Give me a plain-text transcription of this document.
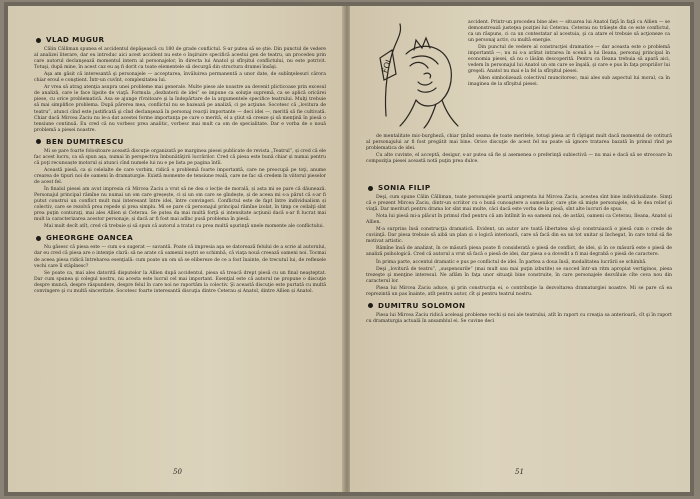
VLAD MUGUR

Călin Călliman spunea el accidentul depăşească cu 180 de grade conflictul. S-ar putea să se ştie. Din punctul de vedere al analizei literare, dar eu introduc aici acest accident nu este o înşiruire specifică acestui gen de teatru, un procedeu prin care autorul declanşează momentul intern al personajelor, în directa lui Anatol şi sfîrşitul conflictului, nu este potrivit. Totuşi, după mine, în acest caz eu aş fi dorit ca toate elementele să decurgă din structura dramei însăşi.

Aşa am găsit că interesantă şi personajele — acceptarea, învăluirea permanentă a unor date, de subînţelesuri cărora chiar eroul e conştient. Într-un cuvînt, complexitatea lui.

Ar vrea să atrag atenţia asupra unei probleme mai generale. Multe piese ale noastre au devenit plicticoase prin excesul de analiză, care le face lipsite de viaţă. Formula „dezbaterii de idei” se impune ca soluţie supremă, ca se aplică oricărei piese, cu orice problematică. Asa se ajunge rîvnitoare şi la îndepărtare de la argumentele specifice teatrului. Mulţi trebuie să mai simplifice problema. După părerea mea, conflictul nu se bazează pe analiză, ci pe acţiune. Socotesc că „lovitura de teatru”, atunci cînd este justificată şi cînd declanşează în personaj reacţii importante — deci idei —, merită să fie cultivată. Chiar dacă Mircea Zaciu nu le-a dat acestei forme importanţa pe care o merită, el a ştiut să creeze şi să menţină în piesă o tensiune continuă. Eu cred că nu vorbesc prea analitic, vorbesc mai mult ca om de specialitate. Dar e vorba de o nouă problemă a piesei noastre.

BEN DUMITRESCU

Mi se pare foarte folositoare această discuţie organizată pe marginea piesei publicate de revista „Teatrul”, și cred că ele fac acest lucru, ca să spun așa, numai în perspectiva îmbunătăţirii lucrărilor. Cred că piesa este bună chiar și numai pentru că poţi recunoaște motorul și atunci cînd numele lui nu e pe lista pe pagina întîi.

Această piesă, ca și celelalte de care vorbim, ridică o problemă foarte importantă, care ne preocupă pe toţi, anume crearea de tipuri noi de oameni în dramaturgie. Există momente de tensiune reală, care ne fac să credem în viitorul pieselor de acest fel.

În finalul piesei am avut impresia că Mircea Zaciu a vrut să ne dea o lecție de morală, și asta mi se pare că dăunează. Personajul principal rămîne nu numai un om care greșește, ci și un om care se gîndește, și de aceea mi s-a părut că s-ar fi putut construi un conflict mult mai interesant între idei, între convingeri. Conflictul este de fapt între individualism și colectiv, care se rezolvă prea repede și prea simplu. Mi se pare că personajul principal rămîne izolat, în timp ce ceilalţi sînt prea puţin conturaţi, mai ales Allien și Ceterau. Se putea da mai multă forţă și intensitate acţiunii dacă s-ar fi lucrat mai mult la caracterizarea acestor personaje, și dacă ar fi fost mai adînc pusă problema în piesă.

Mai mult decît atît, cred că trebuie și să spun că autorul a tratat cu prea multă uşurinţă unele momente ale conflictului.

GHEORGHE OANCEA

Nu găsesc că piesa este — cum s-a sugerat — savantă. Poate că impresia aşa se datorează felului de a scrie al autorului, dar eu cred că piesa are o intenţie clară: să ne arate că oamenii noştri se schimbă, că viaţa nouă creează oameni noi. Tocmai de aceea piesa ridică întrebarea esenţială: cum poate un om să se elibereze de ce a fost înainte, de trecutul lui, de reflexele vechi care îl stăpînesc?

Se poate ca, mai ales datorită disputelor la Allien după accidentul, piesa să treacă drept piesă cu un final neaşteptat. Dar cum spunea şi colegul nostru, nu acesta este lucrul cel mai important. Esenţial este că autorul ne propune o discuţie despre muncă, despre răspundere, despre felul în care noi ne raportăm la colectiv. Şi această discuţie este purtată cu multă convingere şi cu multă sinceritate. Socotesc foarte interesantă discuţia dintre Ceterau și Anatol, dintre Allien și Anatol.

50
FOI

accident. Printr-un procedeu bine ales — situarea lui Anatol faţă în faţă cu Allien — se demonstrează justeţea poziţiei lui Ceterau. Ceterau nu trăieşte din ce este conflictul, ca un răspuns, ci ca un contestatar al acestuia, şi ca atare el trebuie să acţioneze ca un personaj activ, cu multă energie.

Din punctul de vedere al construcţiei dramatice — dar aceasta este o problemă importantă —, nu ni s-a arătat intrarea în scenă a lui Ileana, personaj principal în economia piesei, să nu o lăsăm descoperită. Pentru ca Ileana trebuia să apară aici, vedem în personajul lui Anatol un om care se înşală, şi care e pus în faţa propriilor lui greşeli. Anatol nu mai e la fel la sfîrşitul piesei.

Allen simbolizează colectivul muncitoresc, mai ales sub aspectul lui moral, ca în imaginea de la sfîrşitul piesei.

de mentalitate mic-burgheză, chiar ţinînd seama de toate meritele, totuşi piesa ar fi cîştigat mult dacă momentul de cotitură al personajului ar fi fost pregătit mai bine. Orice discuţie de acest fel nu poate să ignore tratarea bazată în primul rînd pe problematica de idei.

Cu alte cuvinte, el acceptă, desigur, s-ar putea să fie și asemenea o preferinţă subiectivă — nu mai e dacă să se strecoare în compoziţia piesei această notă puţin prea dulce.

SONIA FILIP

Deşi, cum spune Călin Călliman, toate personajele poartă amprenta lui Mircea Zaciu, acestea sînt bine individualizate. Simţi că e prezent Mircea Zaciu, dintr-un scriitor cu o bună cunoaştere a oamenilor, care ştie să mişte personajele, să le dea relief şi viaţă. Dar merituri pentru drama lor sînt mai multe, căci dacă este vorba de la piesă, sînt alte lucruri de spus.

Nota lui piesă mi-a plăcut în primul rînd pentru că am întîlnit în ea oameni noi, de astăzi, oameni ca Ceterau, Ileana, Anatol și Allien.

M-a surprins însă construcţia dramatică. Evident, un autor are toată libertatea să-şi construiască o piesă cum o crede de cuviinţă. Dar piesa trebuie să aibă un plan și o logică interioară, care să facă din ea un tot unitar și închegat, în care totul să fie motivat artistic.

Rămîne însă de analizat, în ce măsură piesa poate fi considerată o piesă de conflict, de idei, și în ce măsură este o piesă de analiză psihologică. Cred că autorul a vrut să facă o piesă de idei, dar piesa s-a dovedit a fi mai degrabă o piesă de caractere.

În prima parte, accentul dramatic e pus pe conflictul de idei. În partea a doua însă, modalitatea lucrării se schimbă.

Deşi „lovitură de teatru”, „suspensurile” (mai mult sau mai puţin izbutite) se succed într-un ritm apropiat vertiginos, piesa trezeşte şi menţine interesul. Ne aflăm în faţa unor situaţii bine construite, în care personajele dezvăluie cîte ceva nou din caracterul lor.

Piesa lui Mircea Zaciu aduce, şi prin construcţia ei, o contribuţie la dezvoltarea dramaturgiei noastre. Mi se pare că ea reprezintă un pas înainte, atît pentru autor, cît şi pentru teatrul nostru.

DUMITRU SOLOMON

Piesa lui Mircea Zaciu ridică aceleaşi probleme vechi și noi ale teatrului, atît în raport cu creaţia sa anterioară, cît şi în raport cu dramaturgia actuală în ansamblul ei. Se cuvine deci

51
